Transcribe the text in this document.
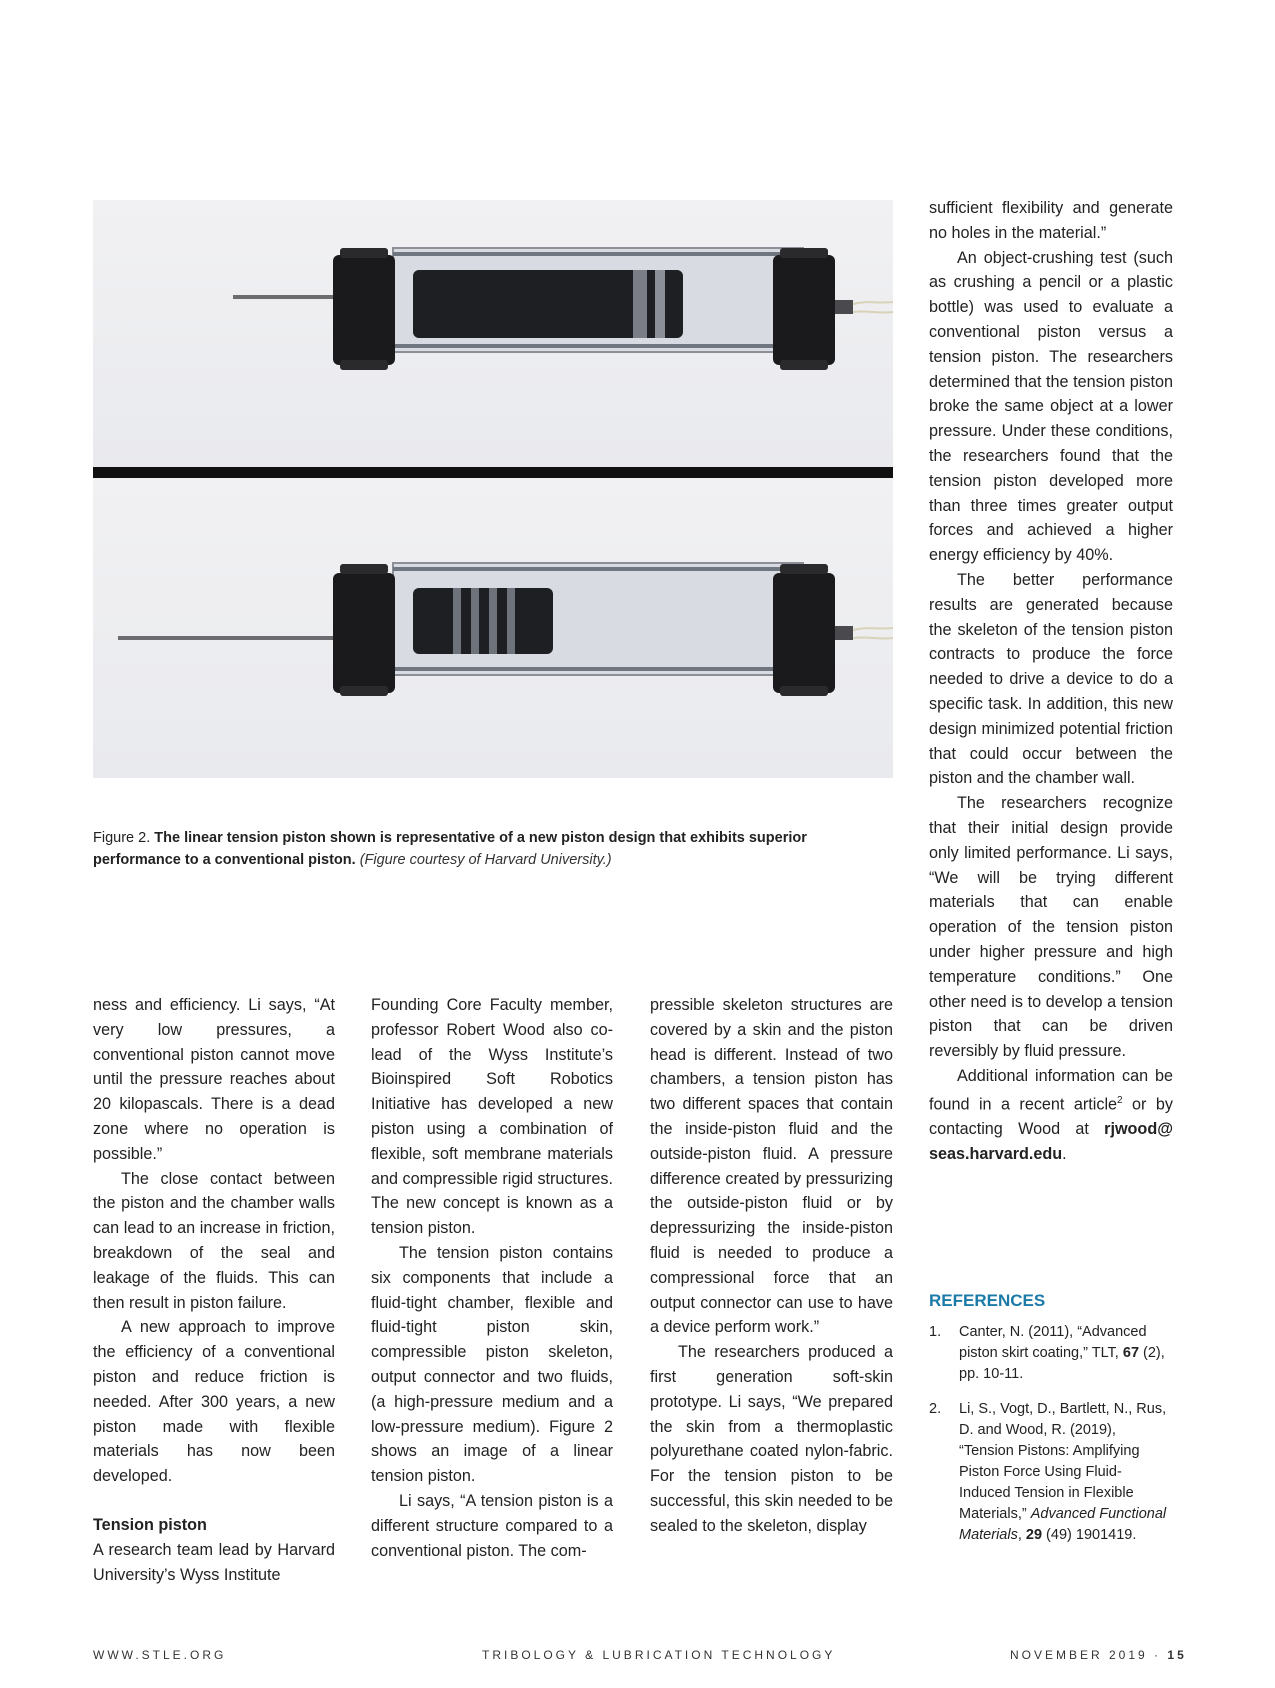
Figure 2. The linear tension piston shown is representative of a new piston design that exhibits superior performance to a conventional piston. (Figure courtesy of Harvard University.)

ness and efficiency. Li says, “At very low pressures, a conventional piston cannot move until the pressure reaches about 20 kilopascals. There is a dead zone where no operation is possible.”

The close contact between the piston and the chamber walls can lead to an increase in friction, breakdown of the seal and leakage of the fluids. This can then result in piston failure.

A new approach to improve the efficiency of a conventional piston and reduce friction is needed. After 300 years, a new piston made with flexible materials has now been developed.

Tension piston

A research team lead by Harvard University’s Wyss Institute

Founding Core Faculty member, professor Robert Wood also co-lead of the Wyss Institute’s Bioinspired Soft Robotics Initiative has developed a new piston using a combination of flexible, soft membrane materials and compressible rigid structures. The new concept is known as a tension piston.

The tension piston contains six components that include a fluid-tight chamber, flexible and fluid-tight piston skin, compressible piston skeleton, output connector and two fluids, (a high-pressure medium and a low-pressure medium). Figure 2 shows an image of a linear tension piston.

Li says, “A tension piston is a different structure compared to a conventional piston. The com-

pressible skeleton structures are covered by a skin and the piston head is different. Instead of two chambers, a tension piston has two different spaces that contain the inside-piston fluid and the outside-piston fluid. A pressure difference created by pressurizing the outside-piston fluid or by depressurizing the inside-piston fluid is needed to produce a compressional force that an output connector can use to have a device perform work.”

The researchers produced a first generation soft-skin prototype. Li says, “We prepared the skin from a thermoplastic polyurethane coated nylon-fabric. For the tension piston to be successful, this skin needed to be sealed to the skeleton, display

sufficient flexibility and generate no holes in the material.”

An object-crushing test (such as crushing a pencil or a plastic bottle) was used to evaluate a conventional piston versus a tension piston. The researchers determined that the tension piston broke the same object at a lower pressure. Under these conditions, the researchers found that the tension piston developed more than three times greater output forces and achieved a higher energy efficiency by 40%.

The better performance results are generated because the skeleton of the tension piston contracts to produce the force needed to drive a device to do a specific task. In addition, this new design minimized potential friction that could occur between the piston and the chamber wall.

The researchers recognize that their initial design provide only limited performance. Li says, “We will be trying different materials that can enable operation of the tension piston under higher pressure and high temperature conditions.” One other need is to develop a tension piston that can be driven reversibly by fluid pressure.

Additional information can be found in a recent article$^2$ or by contacting Wood at rjwood@ seas.harvard.edu.

REFERENCES
1. Canter, N. (2011), “Advanced piston skirt coating,” TLT, 67 (2), pp. 10-11.
2. Li, S., Vogt, D., Bartlett, N., Rus, D. and Wood, R. (2019), “Tension Pistons: Amplifying Piston Force Using Fluid-Induced Tension in Flexible Materials,” Advanced Functional Materials, 29 (49) 1901419.
WWW.STLE.ORG	TRIBOLOGY & LUBRICATION TECHNOLOGY	NOVEMBER 2019 · 15
